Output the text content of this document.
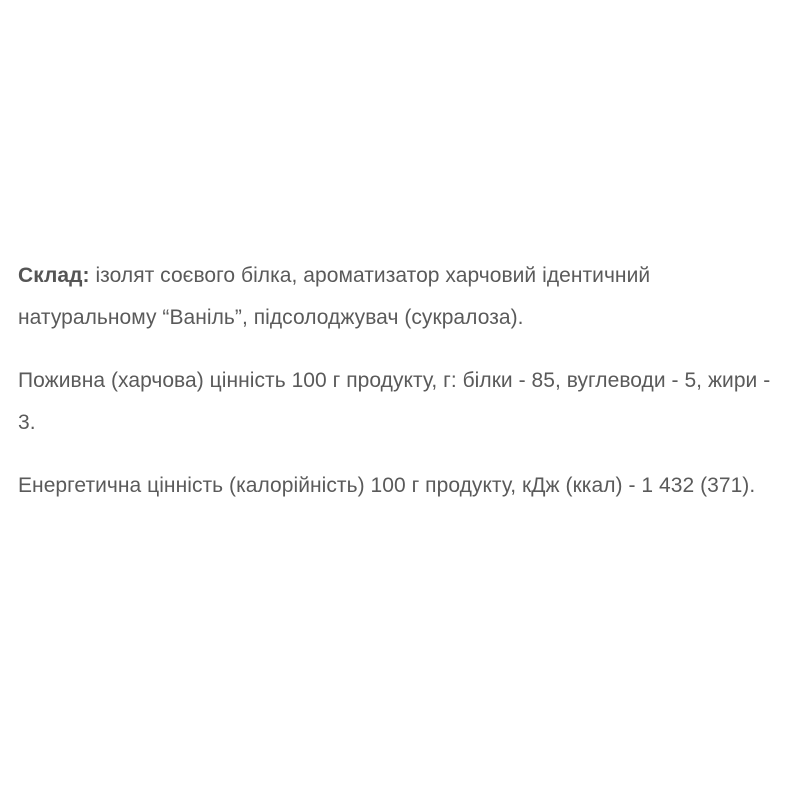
Склад: ізолят соєвого білка, ароматизатор харчовий ідентичний натуральному “Ваніль”, підсолоджувач (сукралоза).

Поживна (харчова) цінність 100 г продукту, г: білки - 85, вуглеводи - 5, жири - 3.

Енергетична цінність (калорійність) 100 г продукту, кДж (ккал) - 1 432 (371).
